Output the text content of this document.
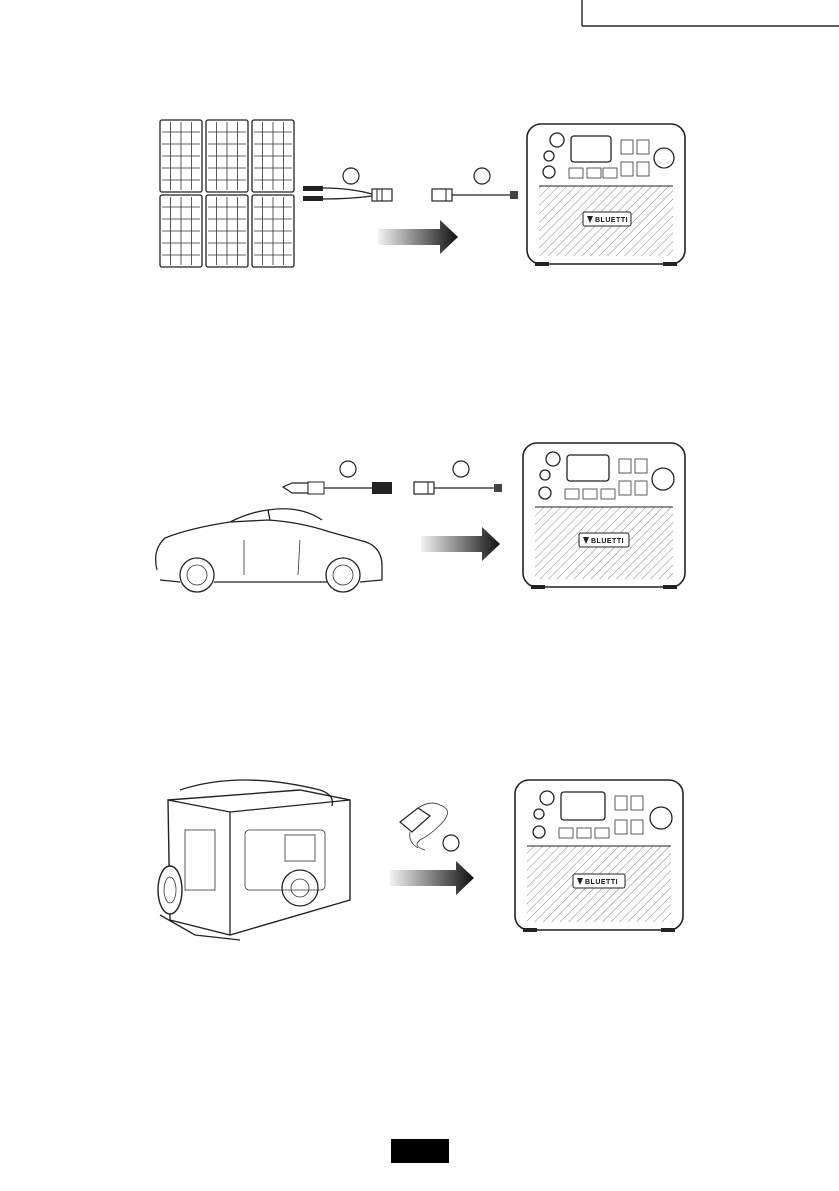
BLUETTI
BLUETTI
BLUETTI
